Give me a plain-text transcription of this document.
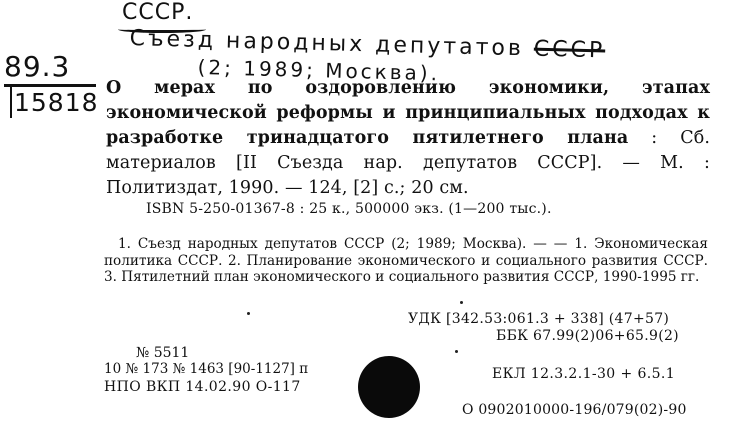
СССР.
Съезд народных депутатов СССР
(2; 1989; Москва).
89.3
15818 О мерах по оздоровлению экономики, этапах экономической реформы и принципиальных подходах к разработке тринадцатого пятилетнего плана : Сб. материалов [II Съезда нар. депутатов СССР]. — М. : Политиздат, 1990. — 124, [2] с.; 20 см.
ISBN 5-250-01367-8 : 25 к., 500000 экз. (1—200 тыс.).
1. Съезд народных депутатов СССР (2; 1989; Москва). — — 1. Экономическая политика СССР. 2. Планирование экономического и социального развития СССР. 3. Пятилетний план экономического и социального развития СССР, 1990-1995 гг.
УДК [342.53:061.3 + 338] (47+57)
ББК 67.99(2)06+65.9(2)
№ 5511
10 № 173 № 1463 [90-1127] п
НПО ВКП 14.02.90 О-117
ЕКЛ 12.3.2.1-30 + 6.5.1
О 0902010000-196/079(02)-90
